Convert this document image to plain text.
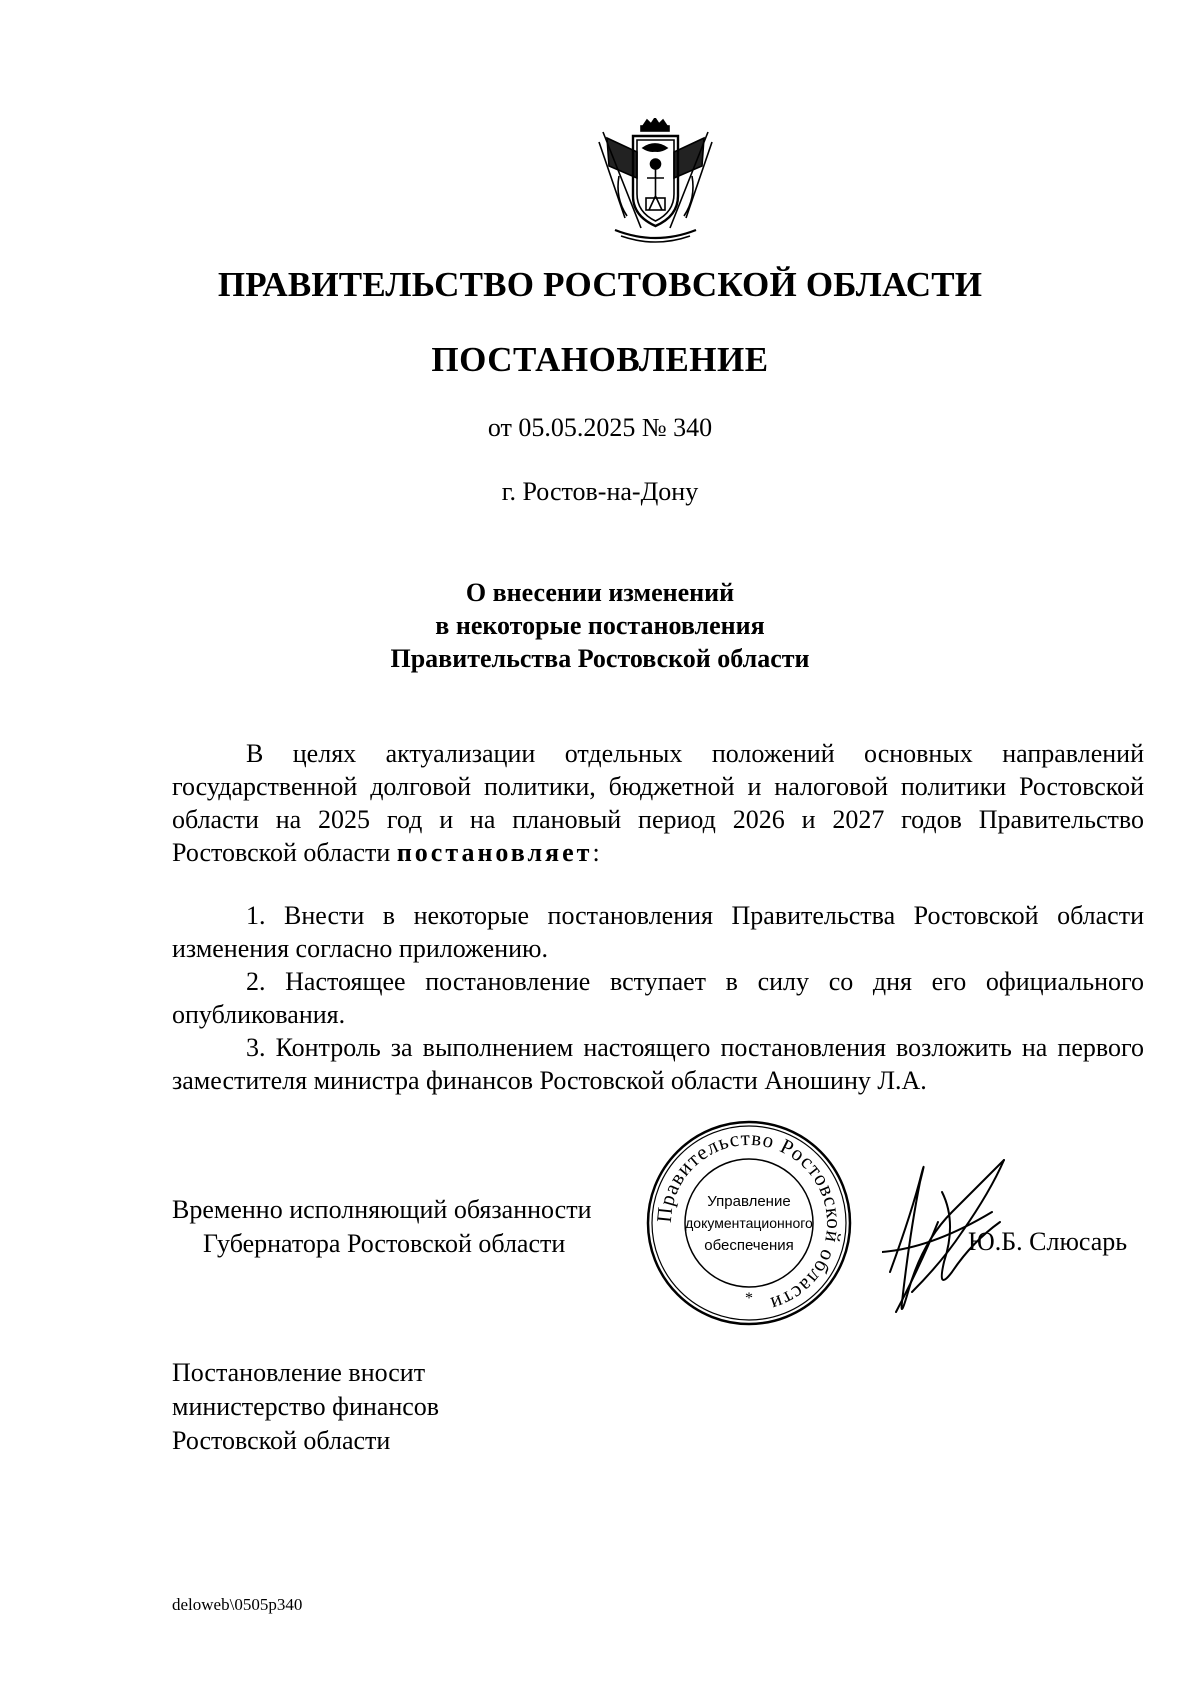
ПРАВИТЕЛЬСТВО РОСТОВСКОЙ ОБЛАСТИ
ПОСТАНОВЛЕНИЕ
от 05.05.2025 № 340
г. Ростов-на-Дону
О внесении изменений
в некоторые постановления
Правительства Ростовской области

В целях актуализации отдельных положений основных направлений государственной долговой политики, бюджетной и налоговой политики Ростовской области на 2025 год и на плановый период 2026 и 2027 годов Правительство Ростовской области постановляет:

1. Внести в некоторые постановления Правительства Ростовской области изменения согласно приложению.

2. Настоящее постановление вступает в силу со дня его официального опубликования.

3. Контроль за выполнением настоящего постановления возложить на первого заместителя министра финансов Ростовской области Аношину Л.А.

Временно исполняющий обязанности
Губернатора Ростовской области
Правительство Ростовской области
*
Управление
документационного
обеспечения	Ю.Б. Слюсарь
Постановление вносит
министерство финансов
Ростовской области
deloweb\0505p340
